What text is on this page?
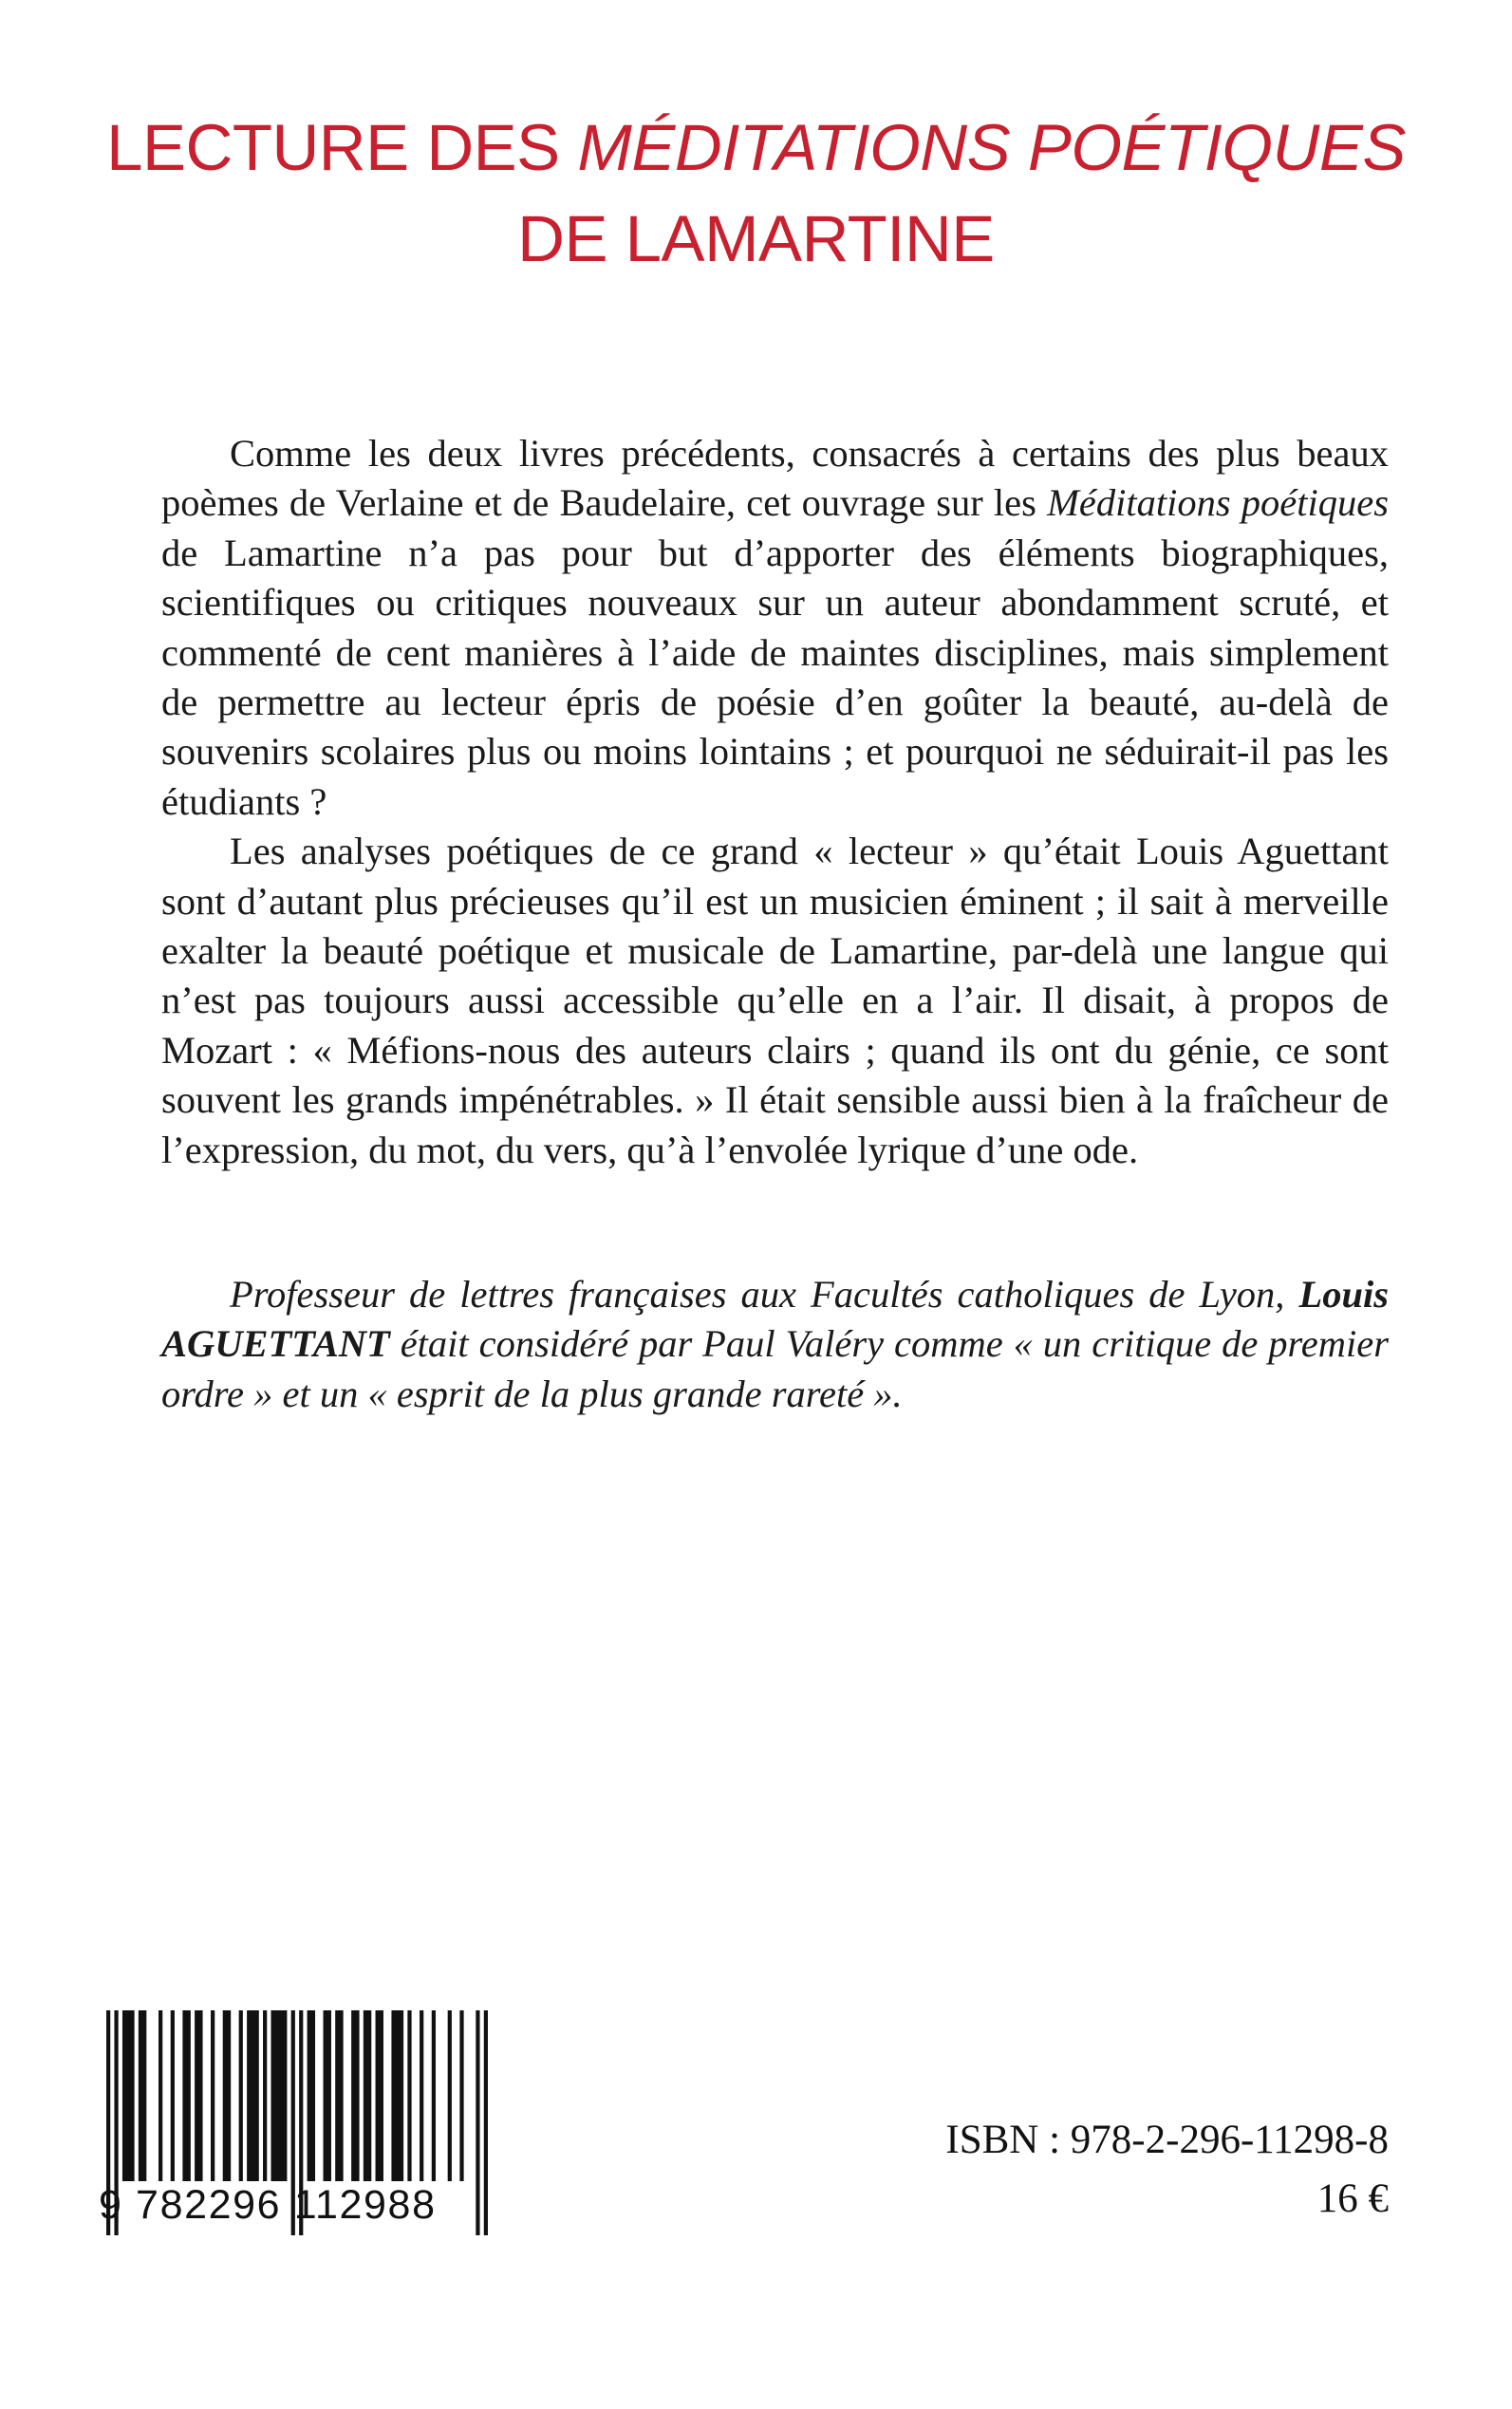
LECTURE DES MÉDITATIONS POÉTIQUES
DE LAMARTINE

Comme les deux livres précédents, consacrés à certains des plus beaux poèmes de Verlaine et de Baudelaire, cet ouvrage sur les Méditations poétiques de Lamartine n’a pas pour but d’apporter des éléments biographiques, scientifiques ou critiques nouveaux sur un auteur abondamment scruté, et commenté de cent manières à l’aide de maintes disciplines, mais simplement de permettre au lecteur épris de poésie d’en goûter la beauté, au-delà de souvenirs scolaires plus ou moins lointains ; et pourquoi ne séduirait-il pas les étudiants ?

Les analyses poétiques de ce grand « lecteur » qu’était Louis Aguettant sont d’autant plus précieuses qu’il est un musicien éminent ; il sait à merveille exalter la beauté poétique et musicale de Lamartine, par-delà une langue qui n’est pas toujours aussi accessible qu’elle en a l’air. Il disait, à propos de Mozart : « Méfions-nous des auteurs clairs ; quand ils ont du génie, ce sont souvent les grands impénétrables. » Il était sensible aussi bien à la fraîcheur de l’expression, du mot, du vers, qu’à l’envolée lyrique d’une ode.

Professeur de lettres françaises aux Facultés catholiques de Lyon, Louis AGUETTANT était considéré par Paul Valéry comme « un critique de premier ordre » et un « esprit de la plus grande rareté ».

9 782296 112988
ISBN : 978-2-296-11298-8
16 €
